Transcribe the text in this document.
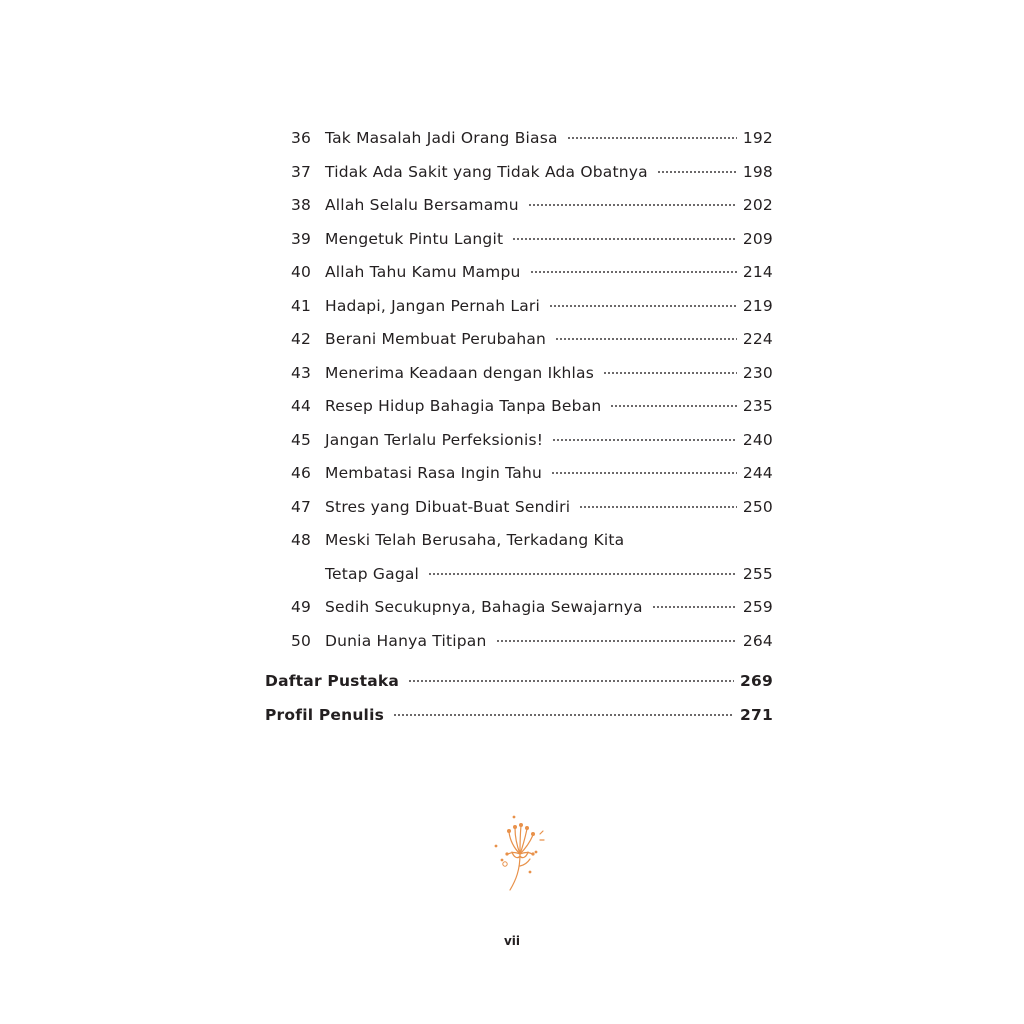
36 Tak Masalah Jadi Orang Biasa	192
37 Tidak Ada Sakit yang Tidak Ada Obatnya	198
38 Allah Selalu Bersamamu	202
39 Mengetuk Pintu Langit	209
40 Allah Tahu Kamu Mampu	214
41 Hadapi, Jangan Pernah Lari	219
42 Berani Membuat Perubahan	224
43 Menerima Keadaan dengan Ikhlas	230
44 Resep Hidup Bahagia Tanpa Beban	235
45 Jangan Terlalu Perfeksionis!	240
46 Membatasi Rasa Ingin Tahu	244
47 Stres yang Dibuat-Buat Sendiri	250
48 Meski Telah Berusaha, Terkadang Kita
Tetap Gagal	255
49 Sedih Secukupnya, Bahagia Sewajarnya	259
50 Dunia Hanya Titipan	264
Daftar Pustaka	269
Profil Penulis	271
vii
